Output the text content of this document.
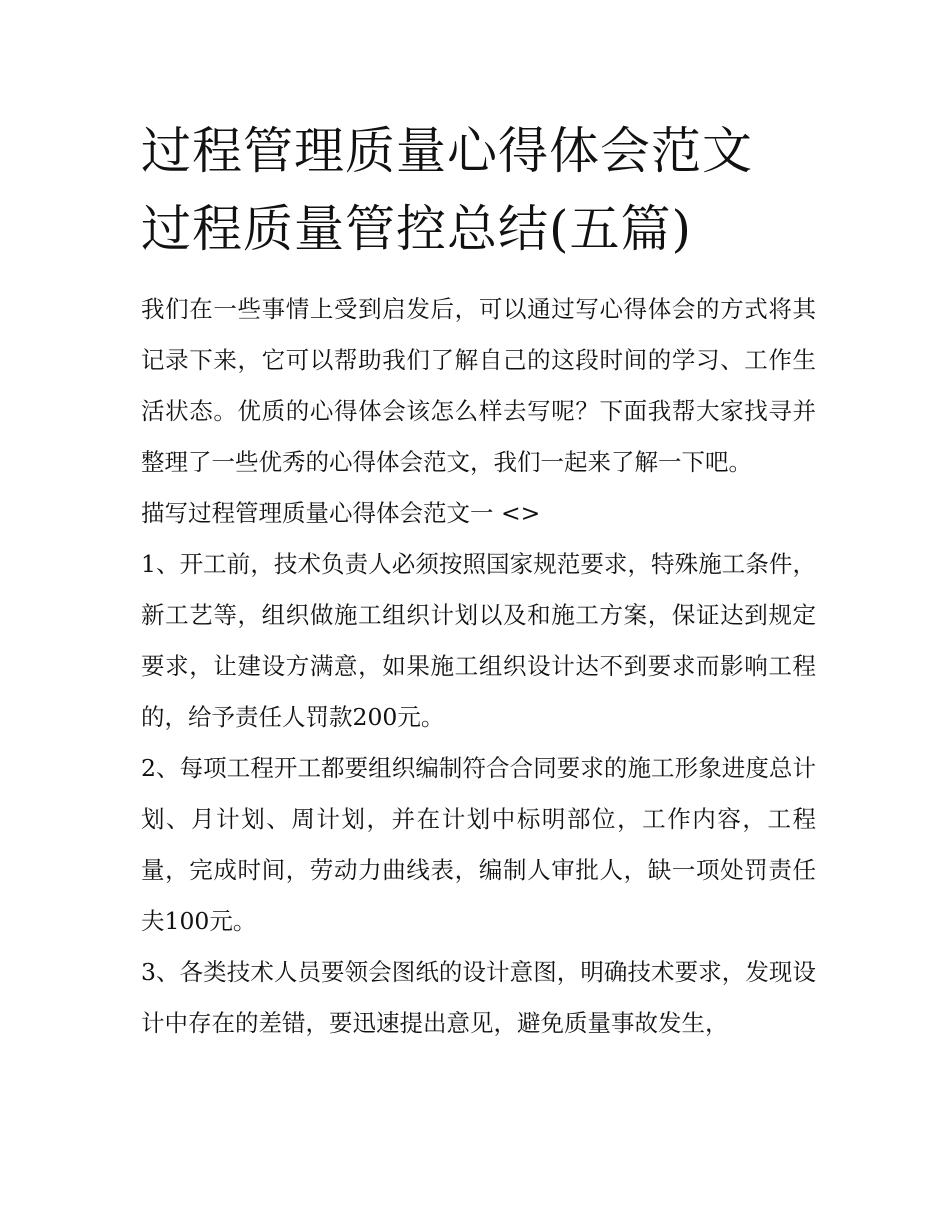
过程管理质量心得体会范文 过程质量管控总结(五篇)

我们在一些事情上受到启发后，可以通过写心得体会的方式将其记录下来，它可以帮助我们了解自己的这段时间的学习、工作生活状态。优质的心得体会该怎么样去写呢？下面我帮大家找寻并整理了一些优秀的心得体会范文，我们一起来了解一下吧。

描写过程管理质量心得体会范文一 <>

1、开工前，技术负责人必须按照国家规范要求，特殊施工条件，新工艺等，组织做施工组织计划以及和施工方案，保证达到规定要求，让建设方满意，如果施工组织设计达不到要求而影响工程的，给予责任人罚款200元。

2、每项工程开工都要组织编制符合合同要求的施工形象进度总计划、月计划、周计划，并在计划中标明部位，工作内容，工程量，完成时间，劳动力曲线表，编制人审批人，缺一项处罚责任夫100元。

3、各类技术人员要领会图纸的设计意图，明确技术要求，发现设计中存在的差错，要迅速提出意见，避免质量事故发生，
